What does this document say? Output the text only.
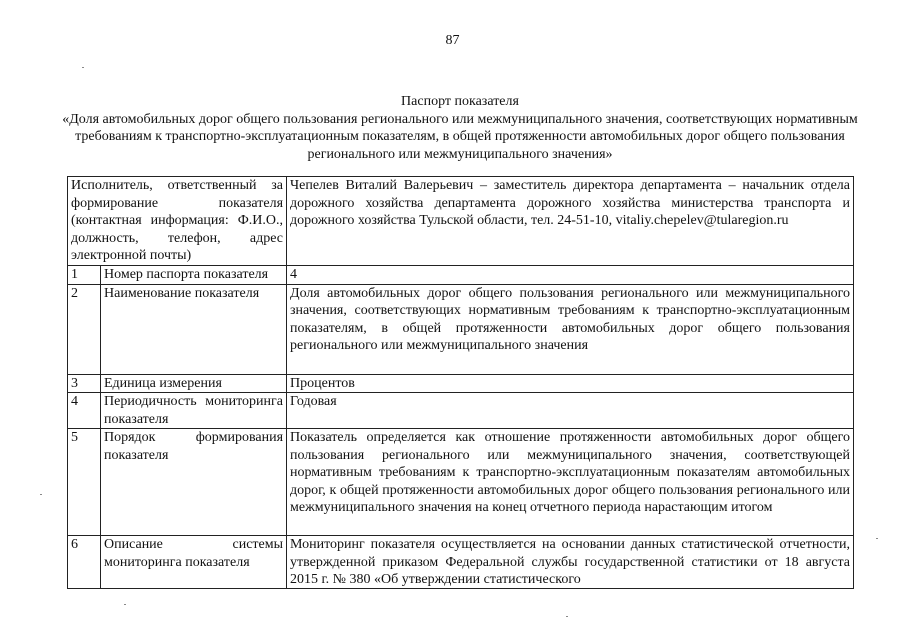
87
Паспорт показателя
«Доля автомобильных дорог общего пользования регионального или межмуниципального значения, соответствующих нормативным требованиям к транспортно-эксплуатационным показателям, в общей протяженности автомобильных дорог общего пользования регионального или межмуниципального значения»
Исполнитель, ответственный за формирование показателя (контактная информация: Ф.И.О., должность, телефон, адрес электронной почты)		Чепелев Виталий Валерьевич – заместитель директора департамента – начальник отдела дорожного хозяйства департамента дорожного хозяйства министерства транспорта и дорожного хозяйства Тульской области, тел. 24-51-10, vitaliy.chepelev@tularegion.ru
1	Номер паспорта показателя	4
2	Наименование показателя	Доля автомобильных дорог общего пользования регионального или межмуниципального значения, соответствующих нормативным требованиям к транспортно-эксплуатационным показателям, в общей протяженности автомобильных дорог общего пользования регионального или межмуниципального значения
3	Единица измерения	Процентов
4	Периодичность мониторинга показателя	Годовая
5	Порядок формирования показателя	Показатель определяется как отношение протяженности автомобильных дорог общего пользования регионального или межмуниципального значения, соответствующей нормативным требованиям к транспортно-эксплуатационным показателям автомобильных дорог, к общей протяженности автомобильных дорог общего пользования регионального или межмуниципального значения на конец отчетного периода нарастающим итогом
6	Описание системы мониторинга показателя	Мониторинг показателя осуществляется на основании данных статистической отчетности, утвержденной приказом Федеральной службы государственной статистики от 18 августа 2015 г. № 380 «Об утверждении статистического
